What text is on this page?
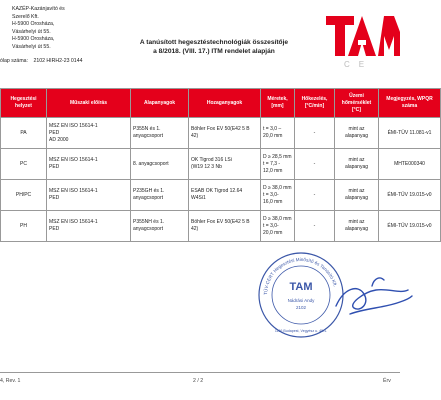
KAZÉP-Kazánjavító és
Szerelő Kft.
H-5900 Orosháza,
Vásárhelyi út 55.
H-5900 Orosháza,
Vásárhelyi út 55.
ólap száma: 2102 HIRH2-23 0144
A tanúsított hegesztéstechnológiák összesítője
a 8/2018. (VIII. 17.) ITM rendelet alapján
CE
Hegesztési helyzet	Műszaki előírás	Alapanyagok	Hozaganyagok	Méretek, [mm]	Hőkezelés, [°C/min]	Üzemi hőmérséklet [°C]	Megjegyzés, WPQR száma
PA	MSZ EN ISO 15614-1
PED
AD 2000	P355N és 1. anyagcsoport	Böhler Fox EV 50(E42 5 B 42)	t = 3,0 –
20,0 mm	-	mint az alapanyag	ÉMI-TÜV 11.081-v1
PC	MSZ EN ISO 15614-1
PED	8. anyagcsoport	OK Tigrod 316 LSi
(W19 12 3 Nb	D ≥ 28,5 mm
t = 7,3 -
12,0 mm	-	mint az alapanyag	MHTE000340
PH/PC	MSZ EN ISO 15614-1
PED	P235GH és 1. anyagcsoport	ESAB OK Tigrod 12.64
W4Si1	D ≥ 38,0 mm
t = 3,0-
16,0 mm	-	mint az alapanyag	ÉMI-TÜV 19.015-v0
PH	MSZ EN ISO 15614-1
PED	P355NH és 1. anyagcsoport	Böhler Fox EV 50(E42 5 B 42)	D ≥ 38,0 mm
t = 3,0-
20,0 mm	-	mint az alapanyag	ÉMI-TÜV 19.015-v0
TÜV-CERT Hegesztési Minősítő és Tanúsító Kft.
TAM
Nádrási Andy
2102
1116 Budapest, Vegyész u. 45/1.
4, Rev. 1	2 / 2	Érv
